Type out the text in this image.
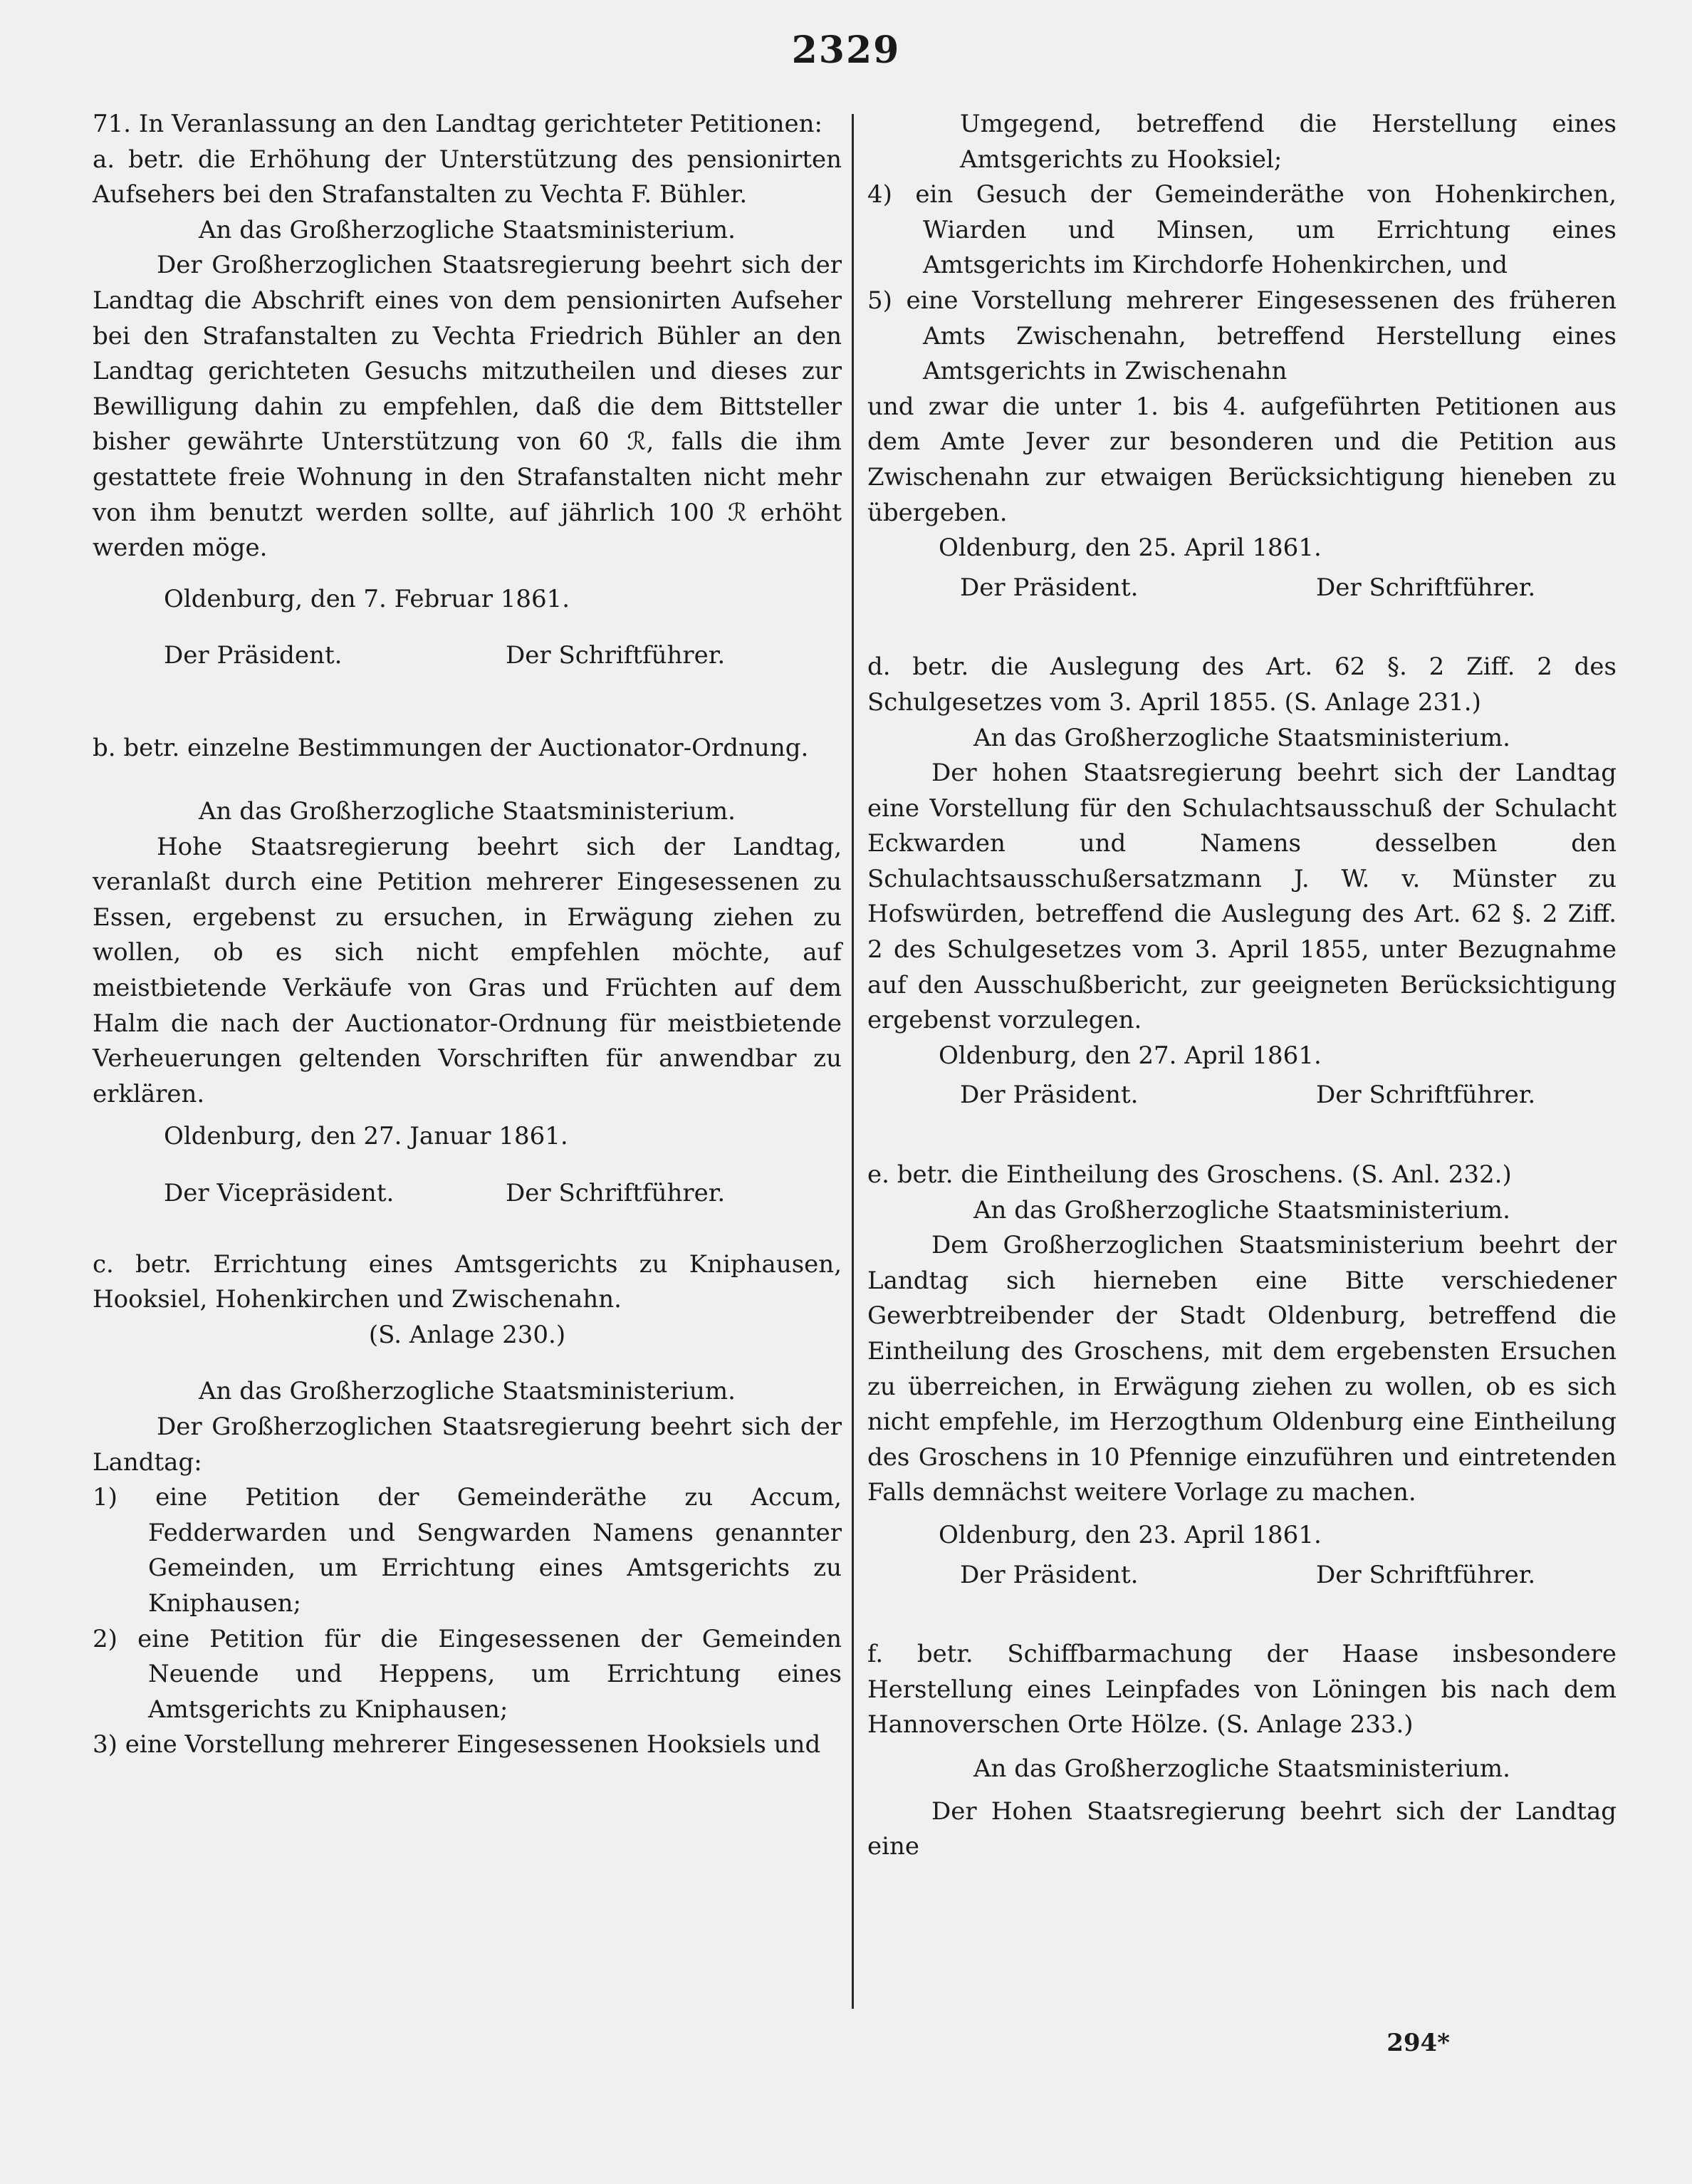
2329

71. In Veranlassung an den Landtag gerichteter Petitionen:

a. betr. die Erhöhung der Unterstützung des pensionirten Aufsehers bei den Strafanstalten zu Vechta F. Bühler.

An das Großherzogliche Staatsministerium.

Der Großherzoglichen Staatsregierung beehrt sich der Landtag die Abschrift eines von dem pensionirten Aufseher bei den Strafanstalten zu Vechta Friedrich Bühler an den Landtag gerichteten Gesuchs mitzutheilen und dieses zur Bewilligung dahin zu empfehlen, daß die dem Bittsteller bisher gewährte Unterstützung von 60 ℛ, falls die ihm gestattete freie Wohnung in den Strafanstalten nicht mehr von ihm benutzt werden sollte, auf jährlich 100 ℛ erhöht werden möge.

Oldenburg, den 7. Februar 1861.

Der Präsident.	Der Schriftführer.

b. betr. einzelne Bestimmungen der Auctionator-Ordnung.

An das Großherzogliche Staatsministerium.

Hohe Staatsregierung beehrt sich der Landtag, veranlaßt durch eine Petition mehrerer Eingesessenen zu Essen, ergebenst zu ersuchen, in Erwägung ziehen zu wollen, ob es sich nicht empfehlen möchte, auf meistbietende Verkäufe von Gras und Früchten auf dem Halm die nach der Auctionator-Ordnung für meistbietende Verheuerungen geltenden Vorschriften für anwendbar zu erklären.

Oldenburg, den 27. Januar 1861.

Der Vicepräsident.	Der Schriftführer.

c. betr. Errichtung eines Amtsgerichts zu Kniphausen, Hooksiel, Hohenkirchen und Zwischenahn.

(S. Anlage 230.)

An das Großherzogliche Staatsministerium.

Der Großherzoglichen Staatsregierung beehrt sich der Landtag:

1) eine Petition der Gemeinderäthe zu Accum, Fedderwarden und Sengwarden Namens genannter Gemeinden, um Errichtung eines Amtsgerichts zu Kniphausen;

2) eine Petition für die Eingesessenen der Gemeinden Neuende und Heppens, um Errichtung eines Amtsgerichts zu Kniphausen;

3) eine Vorstellung mehrerer Eingesessenen Hooksiels und

Umgegend, betreffend die Herstellung eines Amtsgerichts zu Hooksiel;

4) ein Gesuch der Gemeinderäthe von Hohenkirchen, Wiarden und Minsen, um Errichtung eines Amtsgerichts im Kirchdorfe Hohenkirchen, und

5) eine Vorstellung mehrerer Eingesessenen des früheren Amts Zwischenahn, betreffend Herstellung eines Amtsgerichts in Zwischenahn

und zwar die unter 1. bis 4. aufgeführten Petitionen aus dem Amte Jever zur besonderen und die Petition aus Zwischenahn zur etwaigen Berücksichtigung hieneben zu übergeben.

Oldenburg, den 25. April 1861.

Der Präsident.	Der Schriftführer.

d. betr. die Auslegung des Art. 62 §. 2 Ziff. 2 des Schulgesetzes vom 3. April 1855. (S. Anlage 231.)

An das Großherzogliche Staatsministerium.

Der hohen Staatsregierung beehrt sich der Landtag eine Vorstellung für den Schulachtsausschuß der Schulacht Eckwarden und Namens desselben den Schulachtsausschußersatzmann J. W. v. Münster zu Hofswürden, betreffend die Auslegung des Art. 62 §. 2 Ziff. 2 des Schulgesetzes vom 3. April 1855, unter Bezugnahme auf den Ausschußbericht, zur geeigneten Berücksichtigung ergebenst vorzulegen.

Oldenburg, den 27. April 1861.

Der Präsident.	Der Schriftführer.

e. betr. die Eintheilung des Groschens. (S. Anl. 232.)

An das Großherzogliche Staatsministerium.

Dem Großherzoglichen Staatsministerium beehrt der Landtag sich hierneben eine Bitte verschiedener Gewerbtreibender der Stadt Oldenburg, betreffend die Eintheilung des Groschens, mit dem ergebensten Ersuchen zu überreichen, in Erwägung ziehen zu wollen, ob es sich nicht empfehle, im Herzogthum Oldenburg eine Eintheilung des Groschens in 10 Pfennige einzuführen und eintretenden Falls demnächst weitere Vorlage zu machen.

Oldenburg, den 23. April 1861.

Der Präsident.	Der Schriftführer.

f. betr. Schiffbarmachung der Haase insbesondere Herstellung eines Leinpfades von Löningen bis nach dem Hannoverschen Orte Hölze. (S. Anlage 233.)

An das Großherzogliche Staatsministerium.

Der Hohen Staatsregierung beehrt sich der Landtag eine

294*
